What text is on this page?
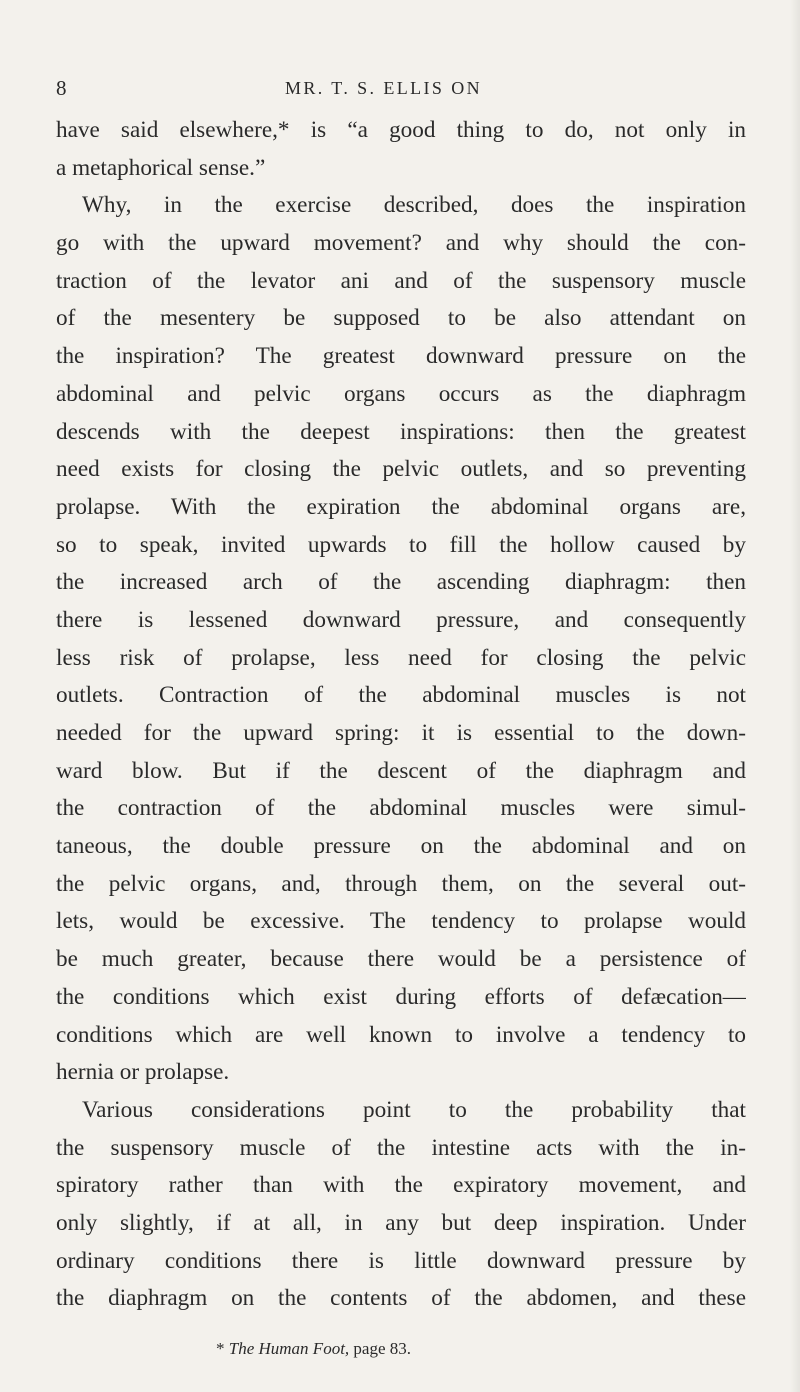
8	MR. T. S. ELLIS ON
have said elsewhere,* is “a good thing to do, not only in
a metaphorical sense.”
Why, in the exercise described, does the inspiration
go with the upward movement? and why should the con-
traction of the levator ani and of the suspensory muscle
of the mesentery be supposed to be also attendant on
the inspiration? The greatest downward pressure on the
abdominal and pelvic organs occurs as the diaphragm
descends with the deepest inspirations: then the greatest
need exists for closing the pelvic outlets, and so preventing
prolapse. With the expiration the abdominal organs are,
so to speak, invited upwards to fill the hollow caused by
the increased arch of the ascending diaphragm: then
there is lessened downward pressure, and consequently
less risk of prolapse, less need for closing the pelvic
outlets. Contraction of the abdominal muscles is not
needed for the upward spring: it is essential to the down-
ward blow. But if the descent of the diaphragm and
the contraction of the abdominal muscles were simul-
taneous, the double pressure on the abdominal and on
the pelvic organs, and, through them, on the several out-
lets, would be excessive. The tendency to prolapse would
be much greater, because there would be a persistence of
the conditions which exist during efforts of defæcation—
conditions which are well known to involve a tendency to
hernia or prolapse.
Various considerations point to the probability that
the suspensory muscle of the intestine acts with the in-
spiratory rather than with the expiratory movement, and
only slightly, if at all, in any but deep inspiration. Under
ordinary conditions there is little downward pressure by
the diaphragm on the contents of the abdomen, and these
* The Human Foot, page 83.
